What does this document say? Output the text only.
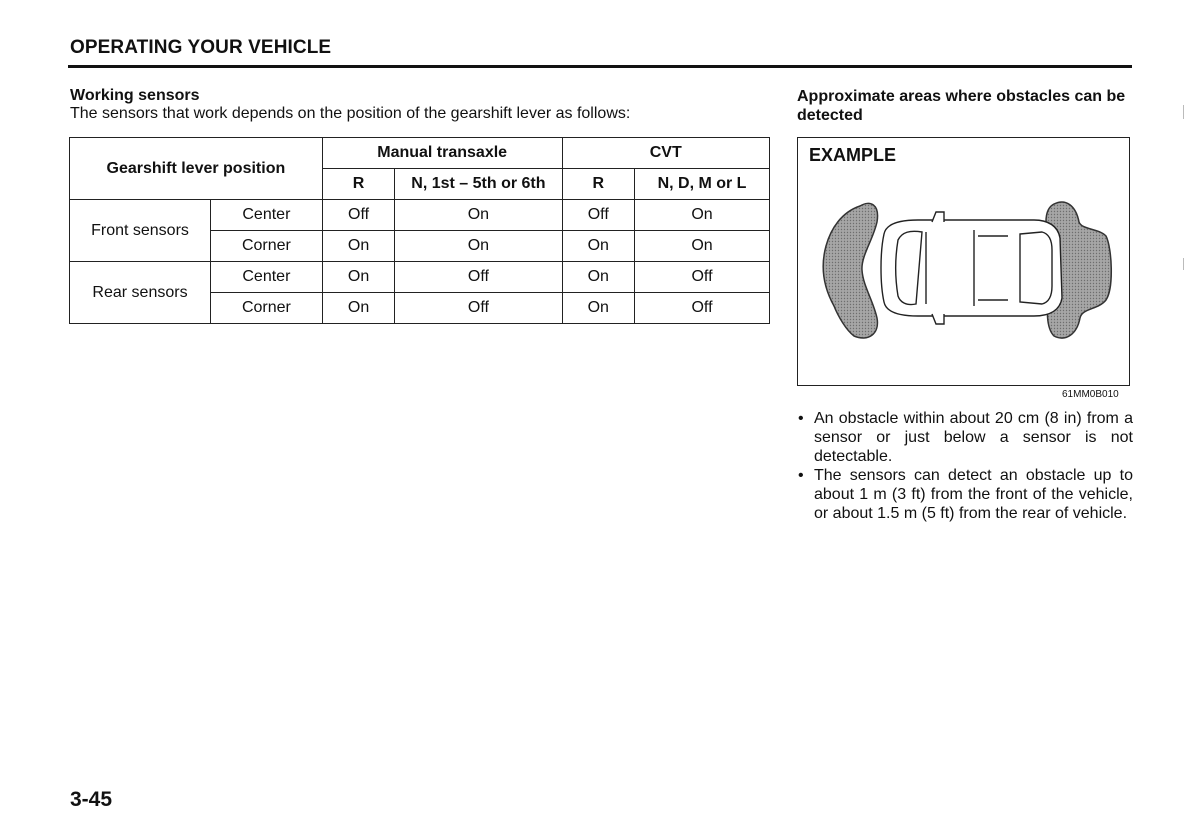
OPERATING YOUR VEHICLE
Working sensors
The sensors that work depends on the position of the gearshift lever as follows:
Gearshift lever position		Manual transaxle		CVT	
		R	N, 1st – 5th or 6th	R	N, D, M or L
Front sensors	Center	Off	On	Off	On
	Corner	On	On	On	On
Rear sensors	Center	On	Off	On	Off
	Corner	On	Off	On	Off
Approximate areas where obstacles can be detected
EXAMPLE
61MM0B010
• An obstacle within about 20 cm (8 in) from a sensor or just below a sensor is not detectable.
• The sensors can detect an obstacle up to about 1 m (3 ft) from the front of the vehicle, or about 1.5 m (5 ft) from the rear of vehicle.
3-45
